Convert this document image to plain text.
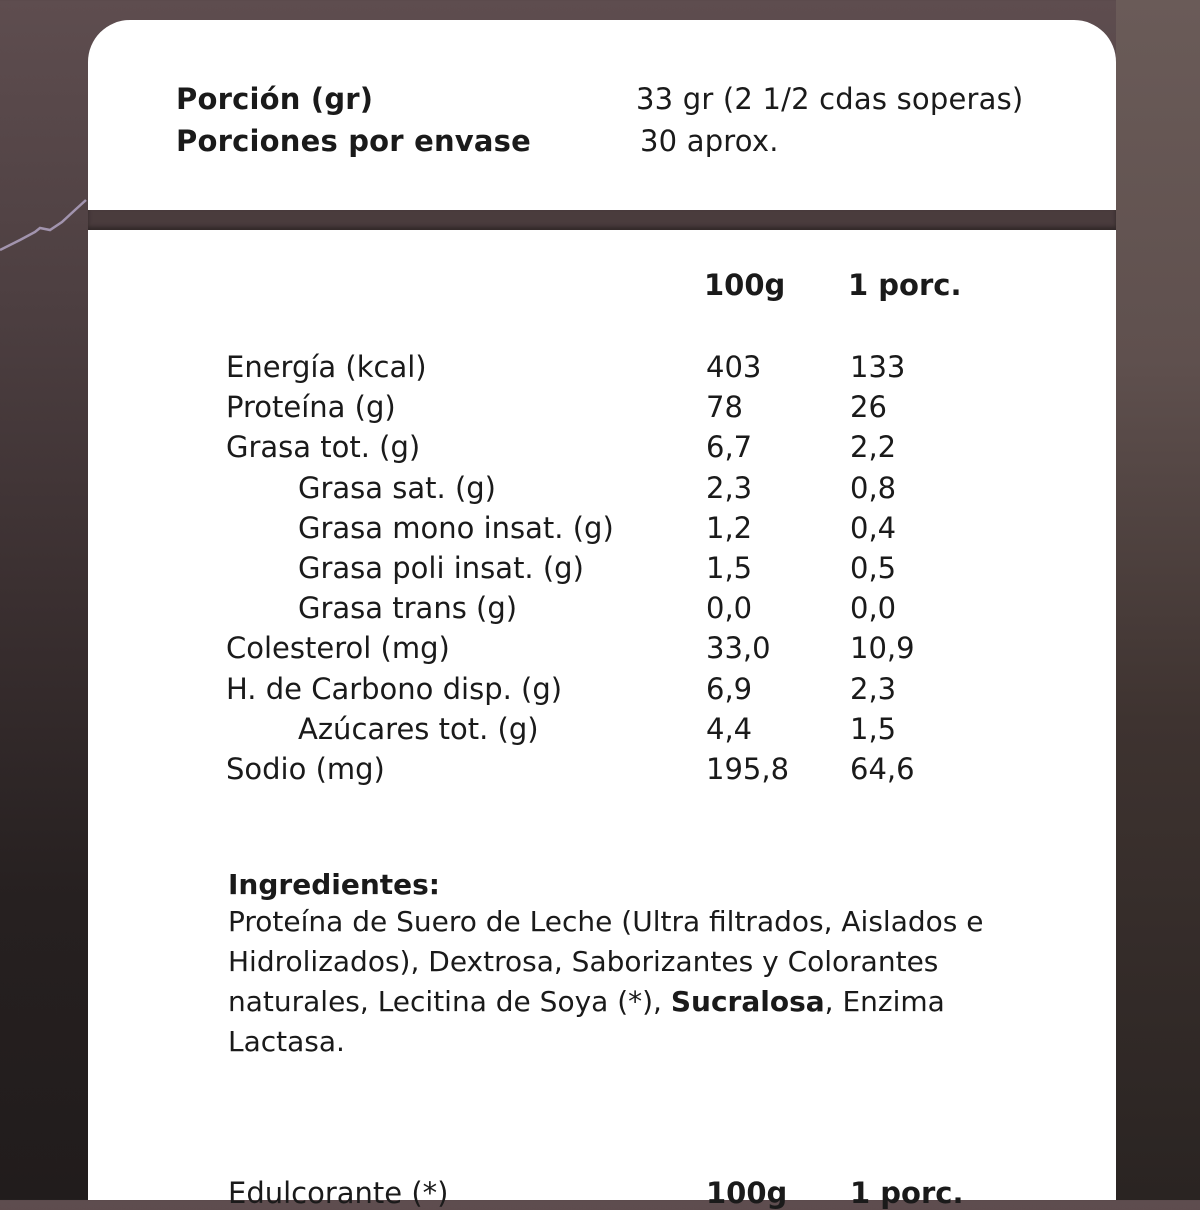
Porción (gr)	33 gr (2 1/2 cdas soperas)
Porciones por envase	30 aprox.
100g 1 porc.
Energía (kcal)	403	133
Proteína (g)	78	26
Grasa tot. (g)	6,7	2,2
Grasa sat. (g)	2,3	0,8
Grasa mono insat. (g)	1,2	0,4
Grasa poli insat. (g)	1,5	0,5
Grasa trans (g)	0,0	0,0
Colesterol (mg)	33,0	10,9
H. de Carbono disp. (g)	6,9	2,3
Azúcares tot. (g)	4,4	1,5
Sodio (mg)	195,8 64,6
Ingredientes:
Proteína de Suero de Leche (Ultra filtrados, Aislados e Hidrolizados), Dextrosa, Saborizantes y Colorantes naturales, Lecitina de Soya (*), Sucralosa, Enzima Lactasa.
Edulcorante (*)	100g 1 porc.
